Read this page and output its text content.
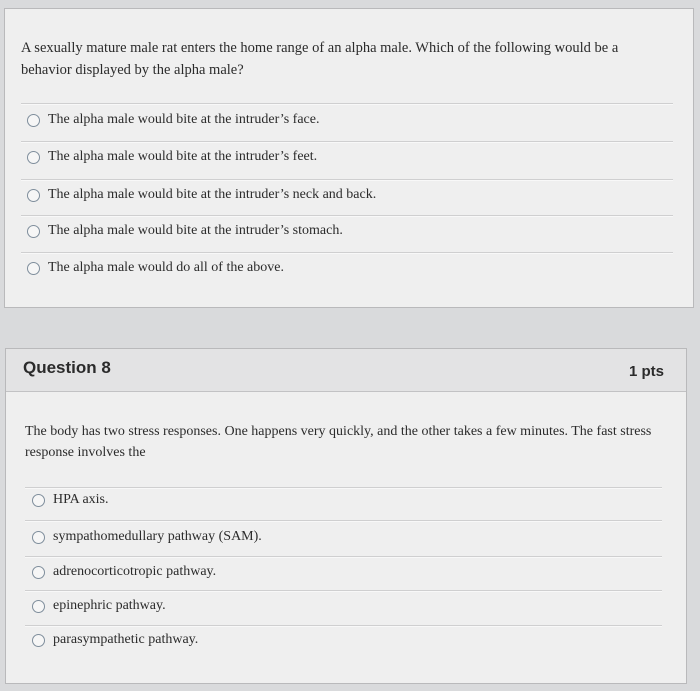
A sexually mature male rat enters the home range of an alpha male. Which of the following would be a behavior displayed by the alpha male?
The alpha male would bite at the intruder’s face.
The alpha male would bite at the intruder’s feet.
The alpha male would bite at the intruder’s neck and back.
The alpha male would bite at the intruder’s stomach.
The alpha male would do all of the above.
Question 8	1 pts
The body has two stress responses. One happens very quickly, and the other takes a few minutes. The fast stress response involves the
HPA axis.
sympathomedullary pathway (SAM).
adrenocorticotropic pathway.
epinephric pathway.
parasympathetic pathway.
